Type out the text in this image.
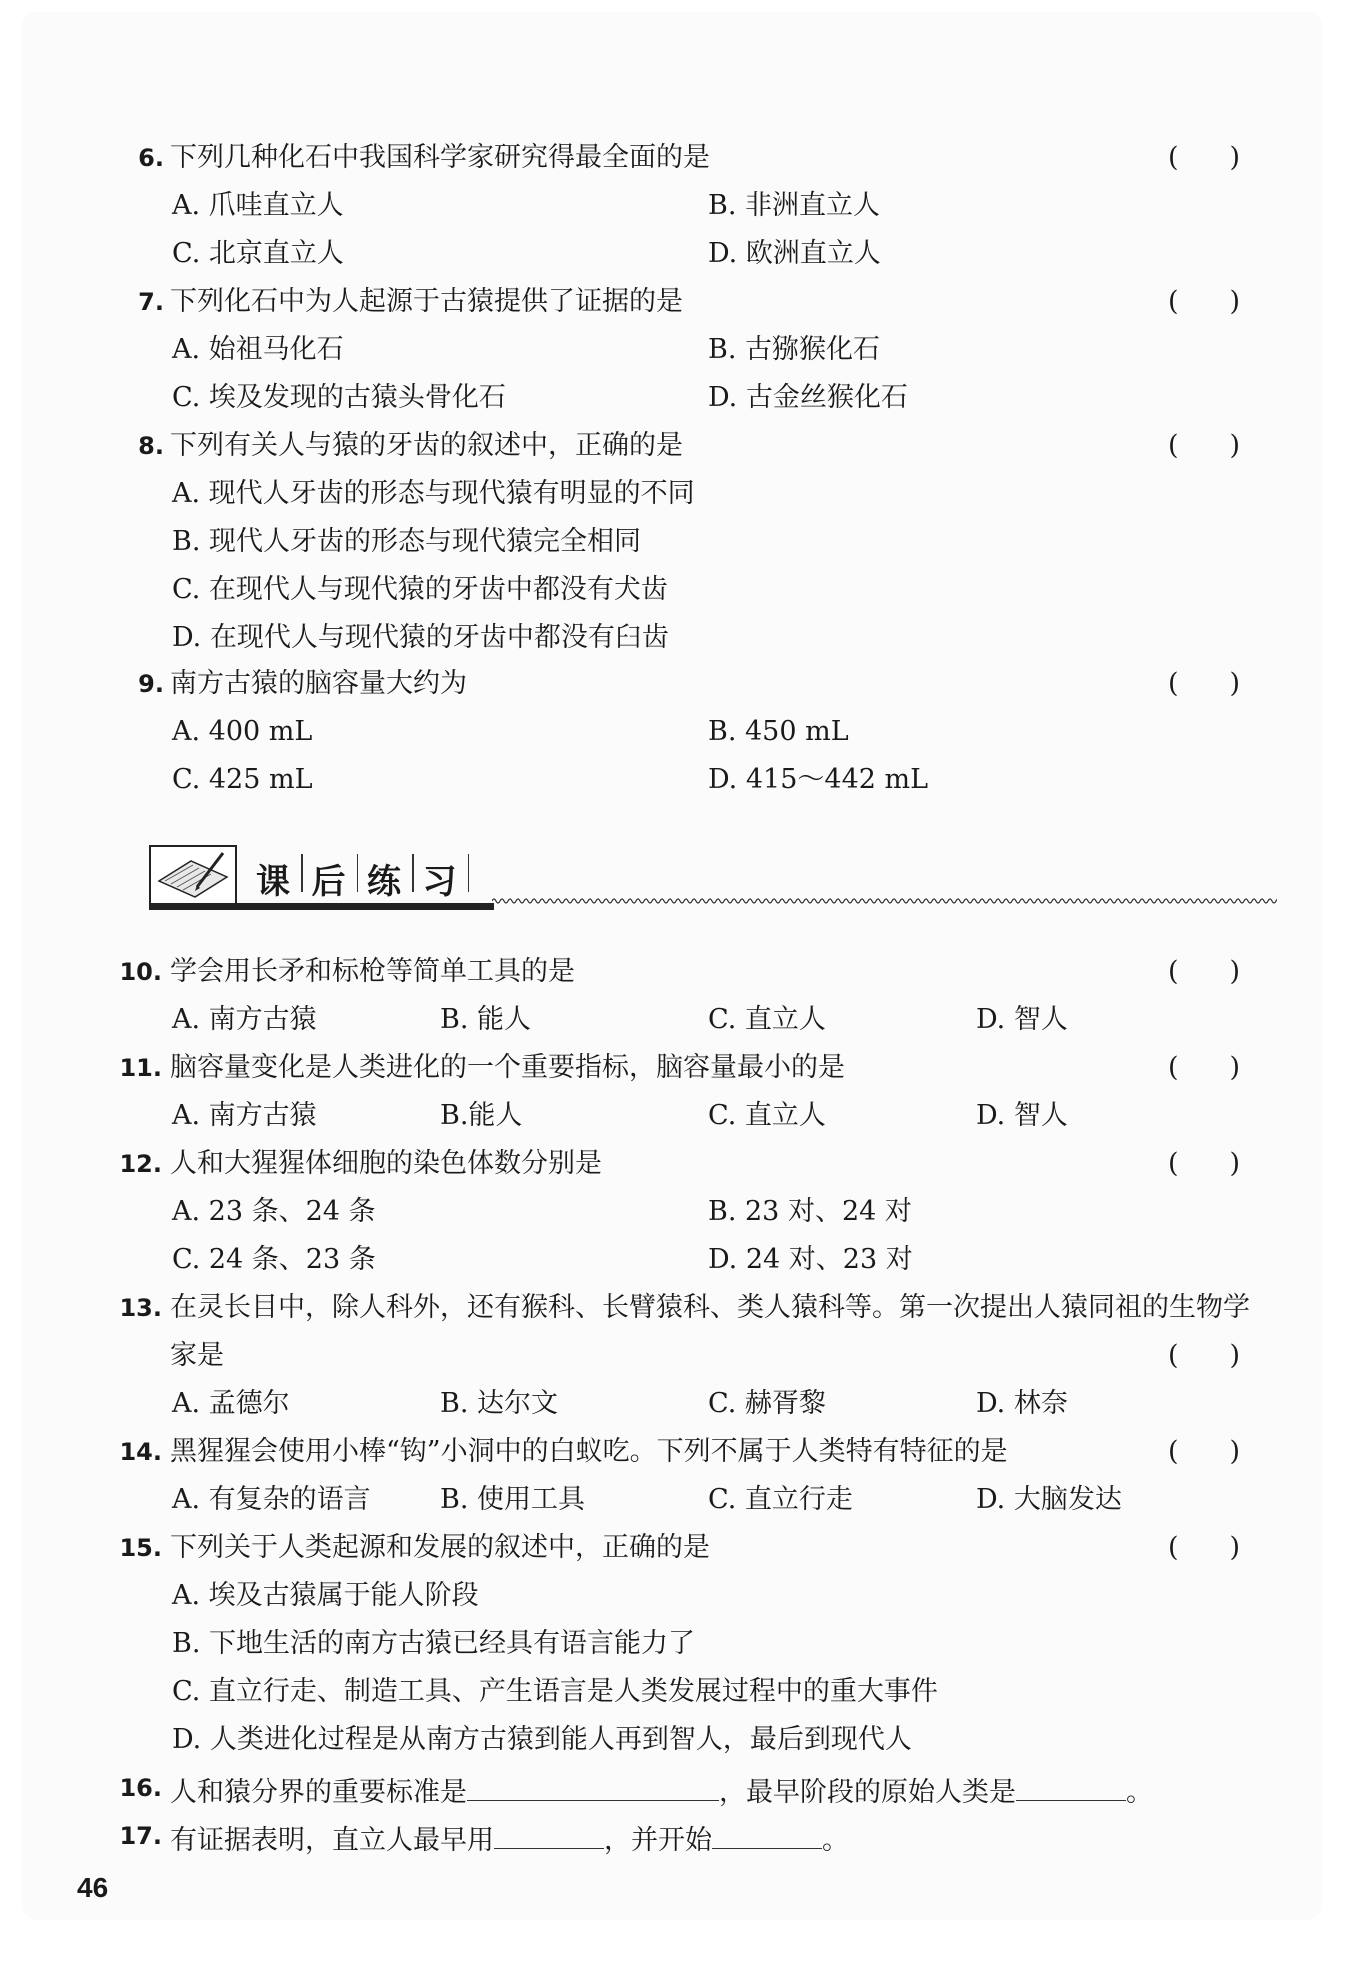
6. 下列几种化石中我国科学家研究得最全面的是	( )
A. 爪哇直立人	B. 非洲直立人
C. 北京直立人	D. 欧洲直立人
7. 下列化石中为人起源于古猿提供了证据的是	( )
A. 始祖马化石	B. 古猕猴化石
C. 埃及发现的古猿头骨化石	D. 古金丝猴化石
8. 下列有关人与猿的牙齿的叙述中，正确的是	( )
A. 现代人牙齿的形态与现代猿有明显的不同
B. 现代人牙齿的形态与现代猿完全相同
C. 在现代人与现代猿的牙齿中都没有犬齿
D. 在现代人与现代猿的牙齿中都没有臼齿
9. 南方古猿的脑容量大约为	( )
A. 400 mL	B. 450 mL
C. 425 mL	D. 415～442 mL
课 后 练 习
10. 学会用长矛和标枪等简单工具的是	( )
A. 南方古猿	B. 能人	C. 直立人	D. 智人
11. 脑容量变化是人类进化的一个重要指标，脑容量最小的是	( )
A. 南方古猿	B.能人	C. 直立人	D. 智人
12. 人和大猩猩体细胞的染色体数分别是	( )
A. 23 条、24 条	B. 23 对、24 对
C. 24 条、23 条	D. 24 对、23 对
13. 在灵长目中，除人科外，还有猴科、长臂猿科、类人猿科等。第一次提出人猿同祖的生物学
家是	( )
A. 孟德尔	B. 达尔文	C. 赫胥黎	D. 林奈
14. 黑猩猩会使用小棒“钩”小洞中的白蚁吃。下列不属于人类特有特征的是	( )
A. 有复杂的语言	B. 使用工具	C. 直立行走	D. 大脑发达
15. 下列关于人类起源和发展的叙述中，正确的是	( )
A. 埃及古猿属于能人阶段
B. 下地生活的南方古猿已经具有语言能力了
C. 直立行走、制造工具、产生语言是人类发展过程中的重大事件
D. 人类进化过程是从南方古猿到能人再到智人，最后到现代人
16. 人和猿分界的重要标准是	，最早阶段的原始人类是	。
17. 有证据表明，直立人最早用	，并开始	。
46
